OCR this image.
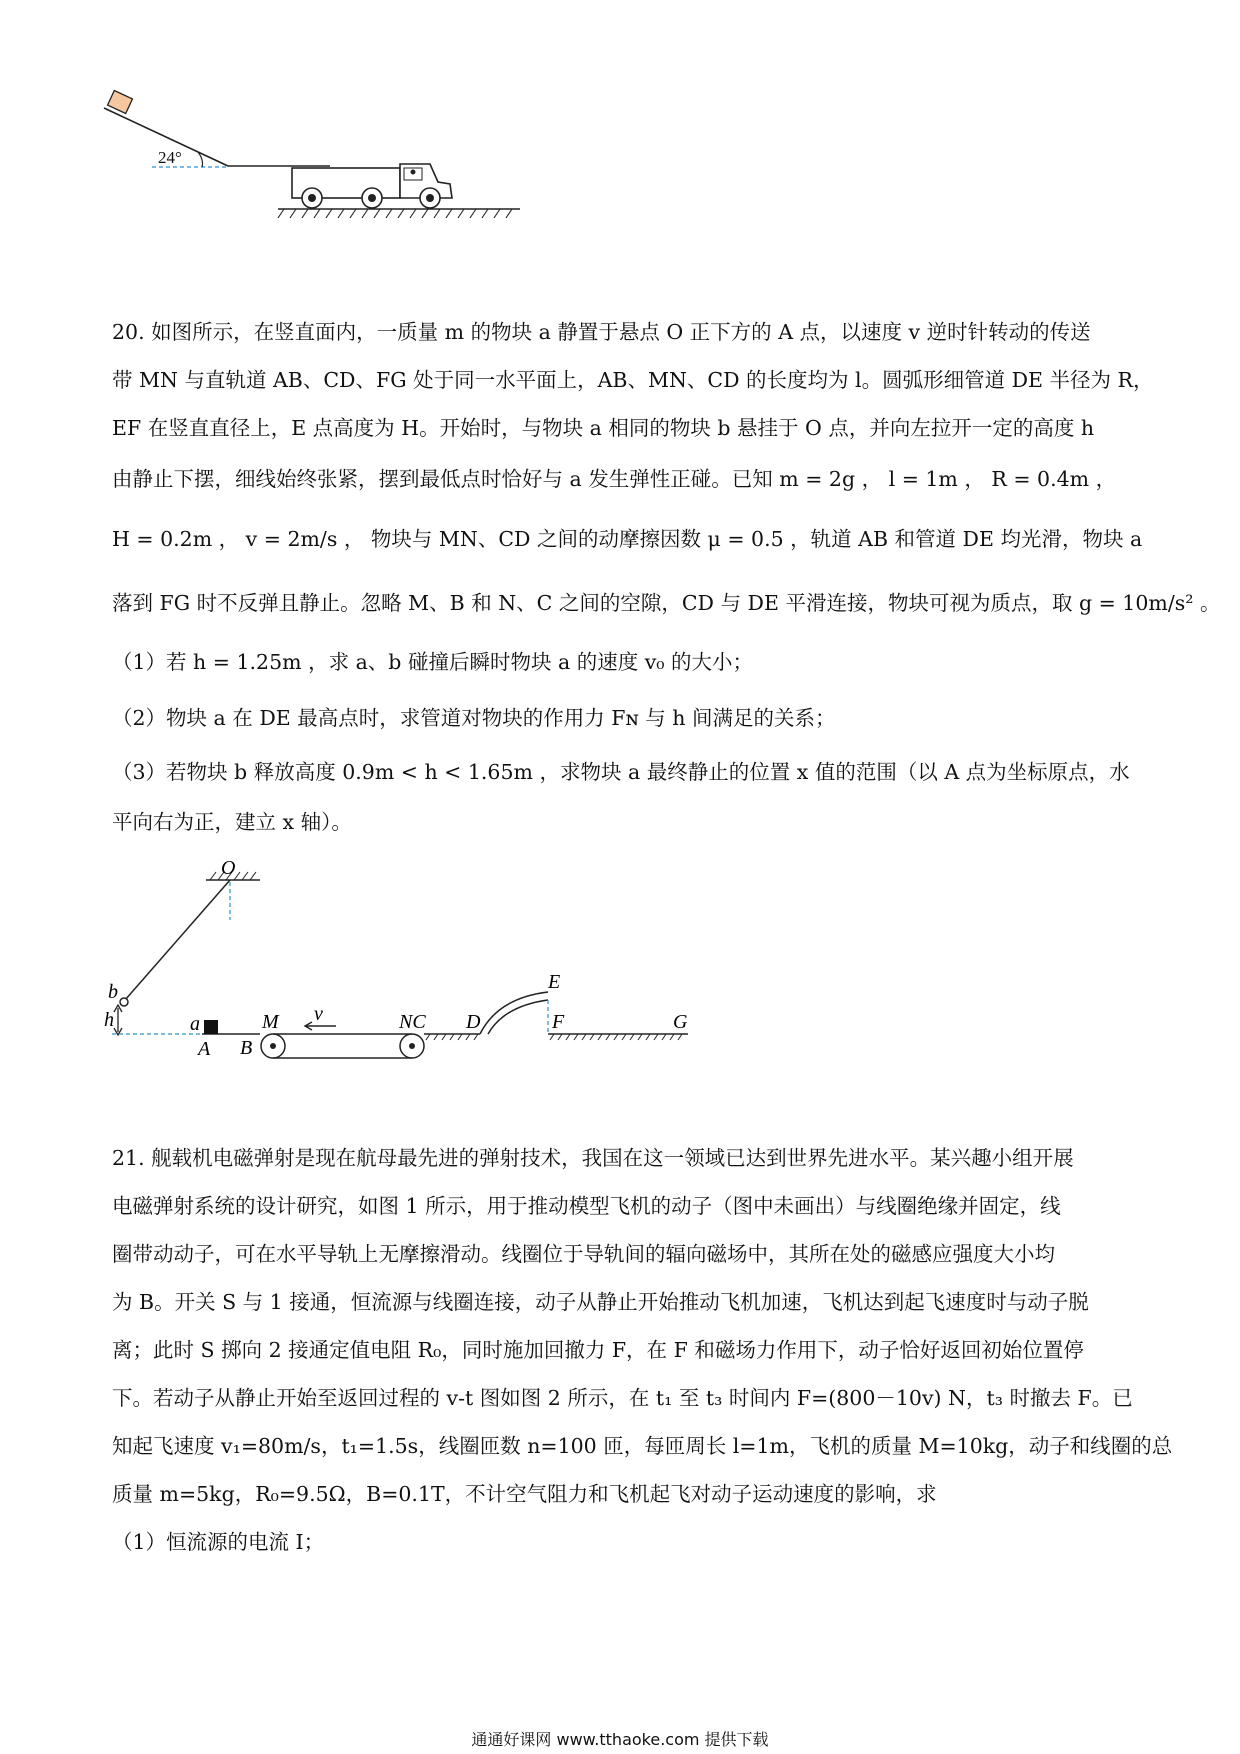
24°
20. 如图所示，在竖直面内，一质量 m 的物块 a 静置于悬点 O 正下方的 A 点，以速度 v 逆时针转动的传送
带 MN 与直轨道 AB、CD、FG 处于同一水平面上，AB、MN、CD 的长度均为 l。圆弧形细管道 DE 半径为 R，
EF 在竖直直径上，E 点高度为 H。开始时，与物块 a 相同的物块 b 悬挂于 O 点，并向左拉开一定的高度 h
由静止下摆，细线始终张紧，摆到最低点时恰好与 a 发生弹性正碰。已知 m = 2g ， l = 1m ， R = 0.4m ，
H = 0.2m ， v = 2m/s ， 物块与 MN、CD 之间的动摩擦因数 μ = 0.5 ，轨道 AB 和管道 DE 均光滑，物块 a
落到 FG 时不反弹且静止。忽略 M、B 和 N、C 之间的空隙，CD 与 DE 平滑连接，物块可视为质点，取 g = 10m/s² 。
（1）若 h = 1.25m ，求 a、b 碰撞后瞬时物块 a 的速度 v₀ 的大小；
（2）物块 a 在 DE 最高点时，求管道对物块的作用力 Fɴ 与 h 间满足的关系；
（3）若物块 b 释放高度 0.9m < h < 1.65m ，求物块 a 最终静止的位置 x 值的范围（以 A 点为坐标原点，水
平向右为正，建立 x 轴）。
O
b
h	a
A B
M v	NC D
E
F	G
21. 舰载机电磁弹射是现在航母最先进的弹射技术，我国在这一领域已达到世界先进水平。某兴趣小组开展
电磁弹射系统的设计研究，如图 1 所示，用于推动模型飞机的动子（图中未画出）与线圈绝缘并固定，线
圈带动动子，可在水平导轨上无摩擦滑动。线圈位于导轨间的辐向磁场中，其所在处的磁感应强度大小均
为 B。开关 S 与 1 接通，恒流源与线圈连接，动子从静止开始推动飞机加速，飞机达到起飞速度时与动子脱
离；此时 S 掷向 2 接通定值电阻 R₀，同时施加回撤力 F，在 F 和磁场力作用下，动子恰好返回初始位置停
下。若动子从静止开始至返回过程的 v-t 图如图 2 所示，在 t₁ 至 t₃ 时间内 F=(800－10v) N，t₃ 时撤去 F。已
知起飞速度 v₁=80m/s，t₁=1.5s，线圈匝数 n=100 匝，每匝周长 l=1m，飞机的质量 M=10kg，动子和线圈的总
质量 m=5kg，R₀=9.5Ω，B=0.1T，不计空气阻力和飞机起飞对动子运动速度的影响，求
（1）恒流源的电流 I；
通通好课网 www.tthaoke.com 提供下载
